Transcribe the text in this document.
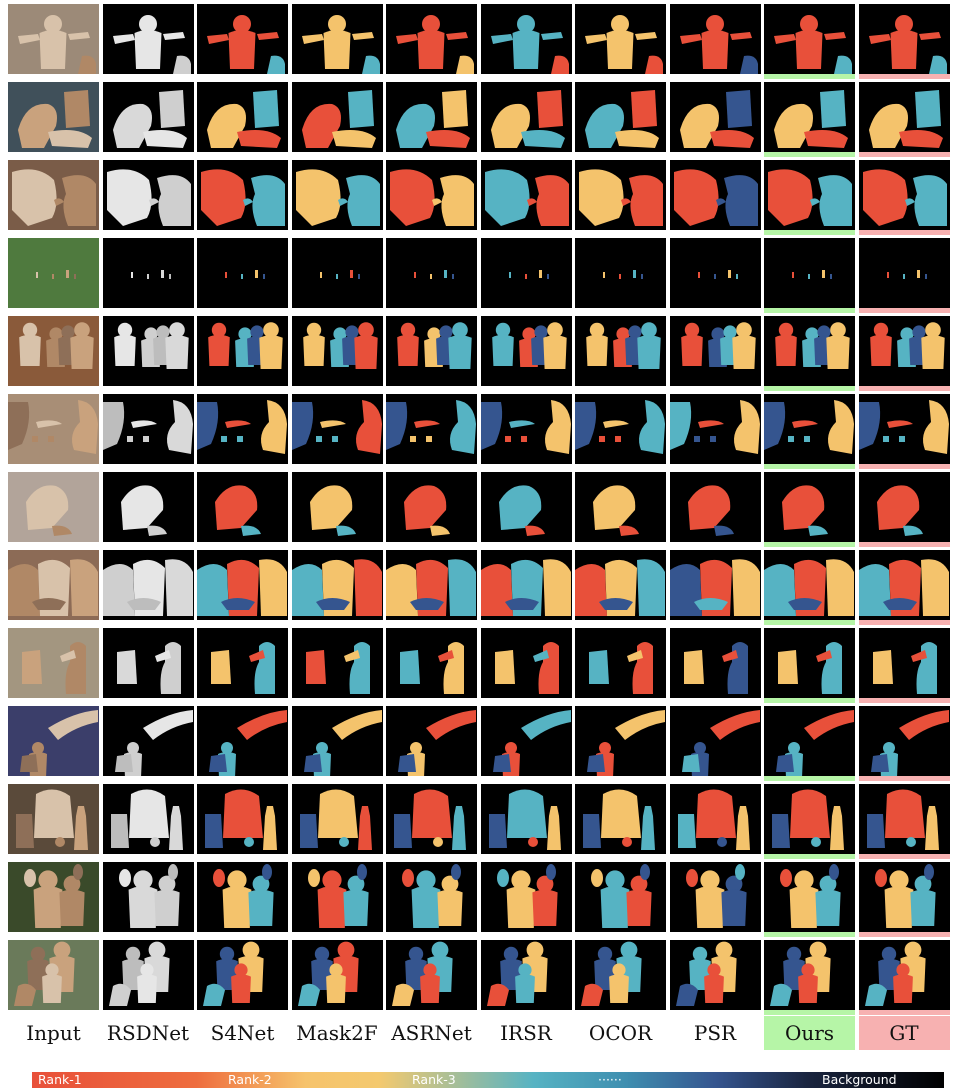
Input	RSDNet	S4Net	Mask2F ASRNet	IRSR	OCOR	PSR	Ours	GT
Rank-1	Rank-2	Rank-3	······	Background
